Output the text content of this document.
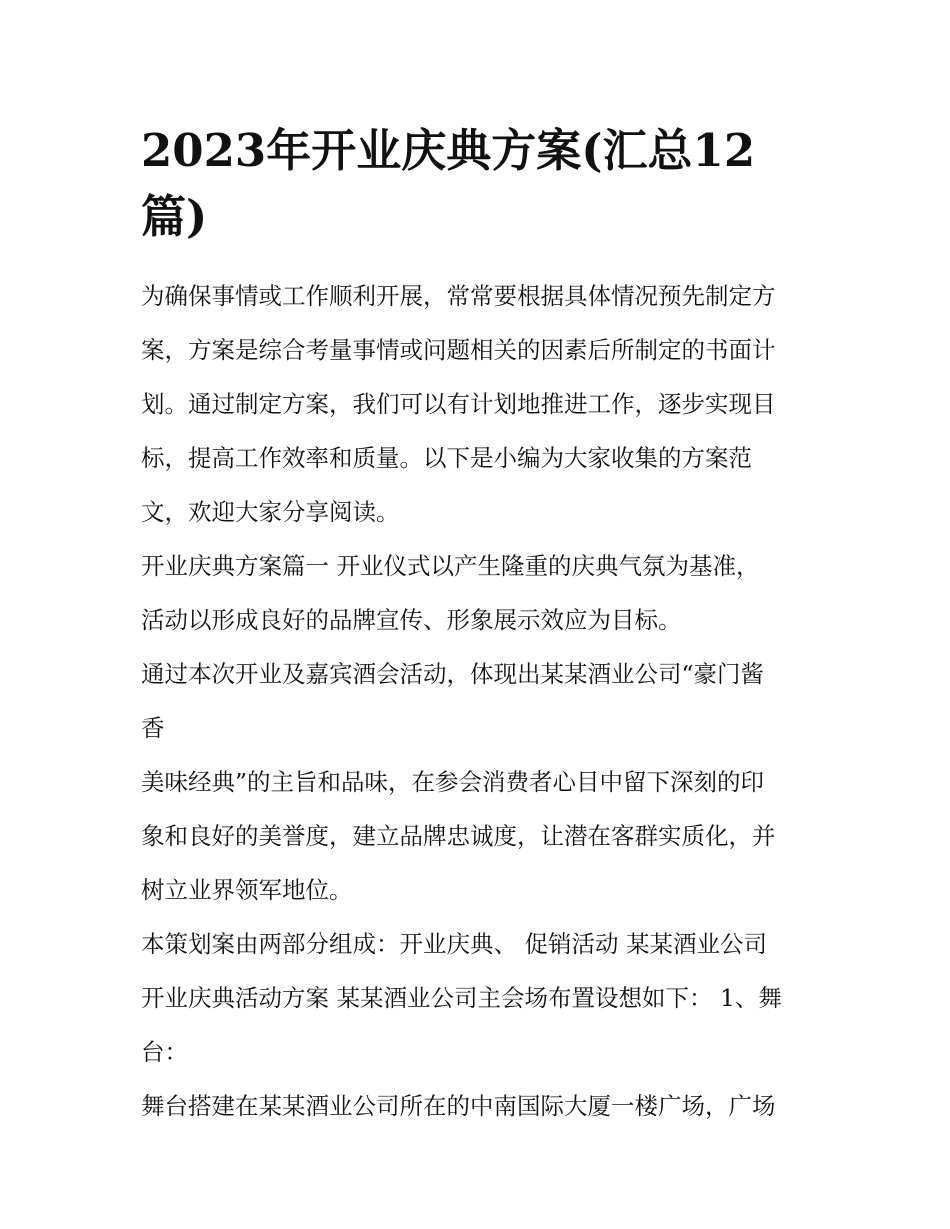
2023年开业庆典方案(汇总12
篇)
为确保事情或工作顺利开展，常常要根据具体情况预先制定方
案，方案是综合考量事情或问题相关的因素后所制定的书面计
划。通过制定方案，我们可以有计划地推进工作，逐步实现目
标，提高工作效率和质量。以下是小编为大家收集的方案范
文，欢迎大家分享阅读。
开业庆典方案篇一 开业仪式以产生隆重的庆典气氛为基准，
活动以形成良好的品牌宣传、形象展示效应为目标。
通过本次开业及嘉宾酒会活动，体现出某某酒业公司“豪门酱
香
美味经典”的主旨和品味，在参会消费者心目中留下深刻的印
象和良好的美誉度，建立品牌忠诚度，让潜在客群实质化，并
树立业界领军地位。
本策划案由两部分组成：开业庆典、 促销活动 某某酒业公司
开业庆典活动方案 某某酒业公司主会场布置设想如下： 1、舞
台：
舞台搭建在某某酒业公司所在的中南国际大厦一楼广场，广场
